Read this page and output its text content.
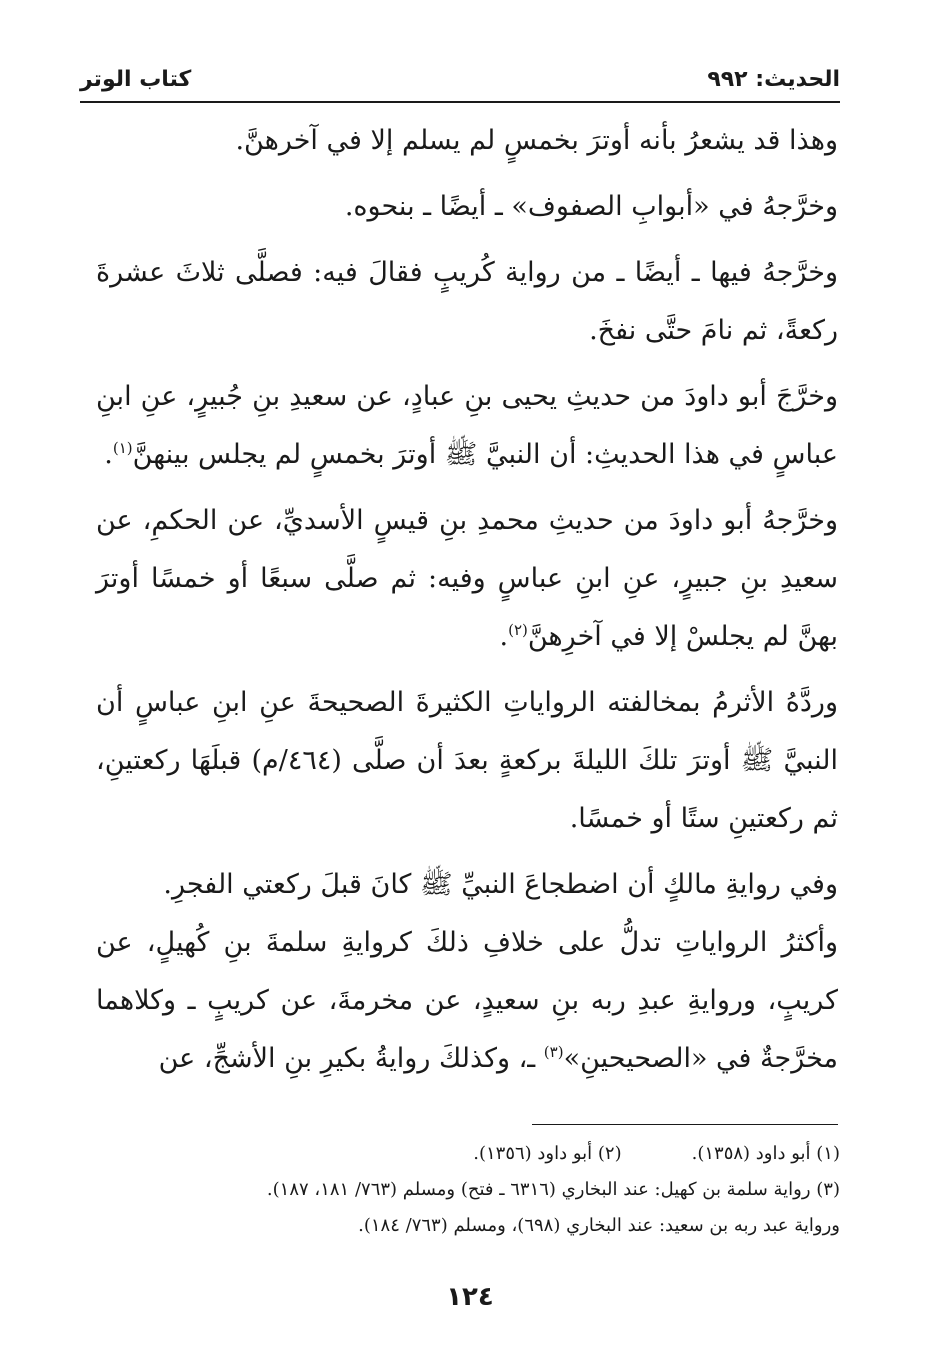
الحديث: ٩٩٢
كتاب الوتر

وهذا قد يشعرُ بأنه أوترَ بخمسٍ لم يسلم إلا في آخرهنَّ.

وخرَّجهُ في «أبوابِ الصفوف» ـ أيضًا ـ بنحوه.

وخرَّجهُ فيها ـ أيضًا ـ من رواية كُريبٍ فقالَ فيه: فصلَّى ثلاثَ عشرةَ ركعةً، ثم نامَ حتَّى نفخَ.

وخرَّجَ أبو داودَ من حديثِ يحيى بنِ عبادٍ، عن سعيدِ بنِ جُبيرٍ، عنِ ابنِ عباسٍ في هذا الحديثِ: أن النبيَّ ﷺ أوترَ بخمسٍ لم يجلس بينهنَّ$^{(١)}$.

وخرَّجهُ أبو داودَ من حديثِ محمدِ بنِ قيسٍ الأسديِّ، عن الحكمِ، عن سعيدِ بنِ جبيرٍ، عنِ ابنِ عباسٍ وفيه: ثم صلَّى سبعًا أو خمسًا أوترَ بهنَّ لم يجلسْ إلا في آخرِهنَّ$^{(٢)}$.

وردَّهُ الأثرمُ بمخالفته الرواياتِ الكثيرةَ الصحيحةَ عنِ ابنِ عباسٍ أن النبيَّ ﷺ أوترَ تلكَ الليلةَ بركعةٍ بعدَ أن صلَّى (٤٦٤/م) قبلَهَا ركعتينِ، ثم ركعتينِ ستًا أو خمسًا.

وفي روايةِ مالكٍ أن اضطجاعَ النبيِّ ﷺ كانَ قبلَ ركعتي الفجرِ.

وأكثرُ الرواياتِ تدلُّ على خلافِ ذلكَ كروايةِ سلمةَ بنِ كُهيلٍ، عن كريبٍ، وروايةِ عبدِ ربه بنِ سعيدٍ، عن مخرمةَ، عن كريبٍ ـ وكلاهما مخرَّجةٌ في «الصحيحينِ»$^{(٣)}$ ـ، وكذلكَ روايةُ بكيرِ بنِ الأشجِّ، عن

(١) أبو داود (١٣٥٨).(٢) أبو داود (١٣٥٦).
(٣) رواية سلمة بن كهيل: عند البخاري (٦٣١٦ ـ فتح) ومسلم (٧٦٣/ ١٨١، ١٨٧).
ورواية عبد ربه بن سعيد: عند البخاري (٦٩٨)، ومسلم (٧٦٣/ ١٨٤).
١٢٤
